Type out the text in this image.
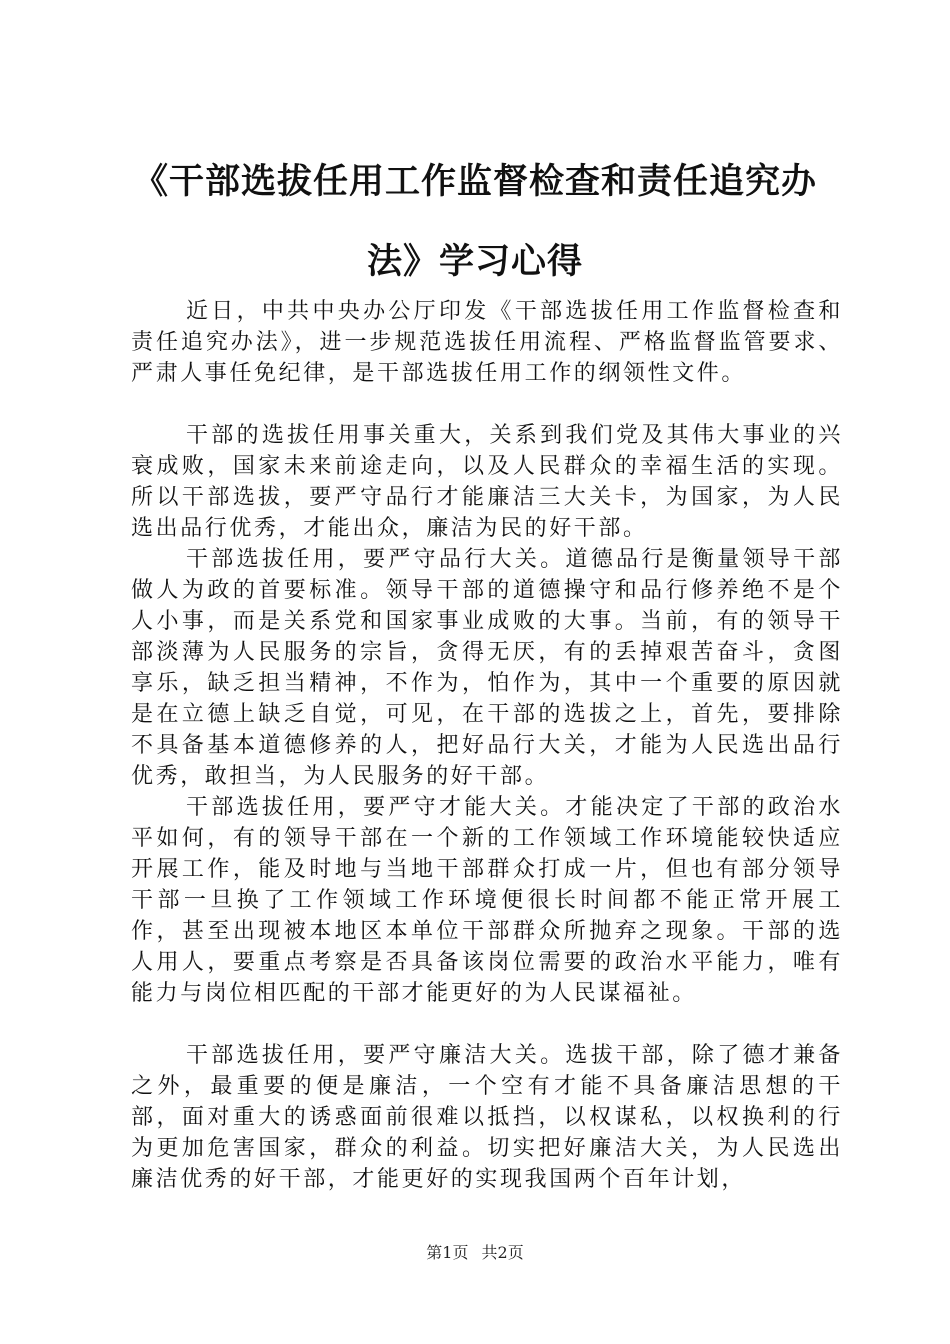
《干部选拔任用工作监督检查和责任追究办
法》学习心得

近日，中共中央办公厅印发《干部选拔任用工作监督检查和责任追究办法》，进一步规范选拔任用流程、严格监督监管要求、严肃人事任免纪律，是干部选拔任用工作的纲领性文件。

干部的选拔任用事关重大，关系到我们党及其伟大事业的兴衰成败，国家未来前途走向，以及人民群众的幸福生活的实现。所以干部选拔，要严守品行才能廉洁三大关卡，为国家，为人民选出品行优秀，才能出众，廉洁为民的好干部。

干部选拔任用，要严守品行大关。道德品行是衡量领导干部做人为政的首要标准。领导干部的道德操守和品行修养绝不是个人小事，而是关系党和国家事业成败的大事。当前，有的领导干部淡薄为人民服务的宗旨，贪得无厌，有的丢掉艰苦奋斗，贪图享乐，缺乏担当精神，不作为，怕作为，其中一个重要的原因就是在立德上缺乏自觉，可见，在干部的选拔之上，首先，要排除不具备基本道德修养的人，把好品行大关，才能为人民选出品行优秀，敢担当，为人民服务的好干部。

干部选拔任用，要严守才能大关。才能决定了干部的政治水平如何，有的领导干部在一个新的工作领域工作环境能较快适应开展工作，能及时地与当地干部群众打成一片，但也有部分领导干部一旦换了工作领域工作环境便很长时间都不能正常开展工作，甚至出现被本地区本单位干部群众所抛弃之现象。干部的选人用人，要重点考察是否具备该岗位需要的政治水平能力，唯有能力与岗位相匹配的干部才能更好的为人民谋福祉。

干部选拔任用，要严守廉洁大关。选拔干部，除了德才兼备之外，最重要的便是廉洁，一个空有才能不具备廉洁思想的干部，面对重大的诱惑面前很难以抵挡，以权谋私，以权换利的行为更加危害国家，群众的利益。切实把好廉洁大关，为人民选出廉洁优秀的好干部，才能更好的实现我国两个百年计划，

第1页 共2页
